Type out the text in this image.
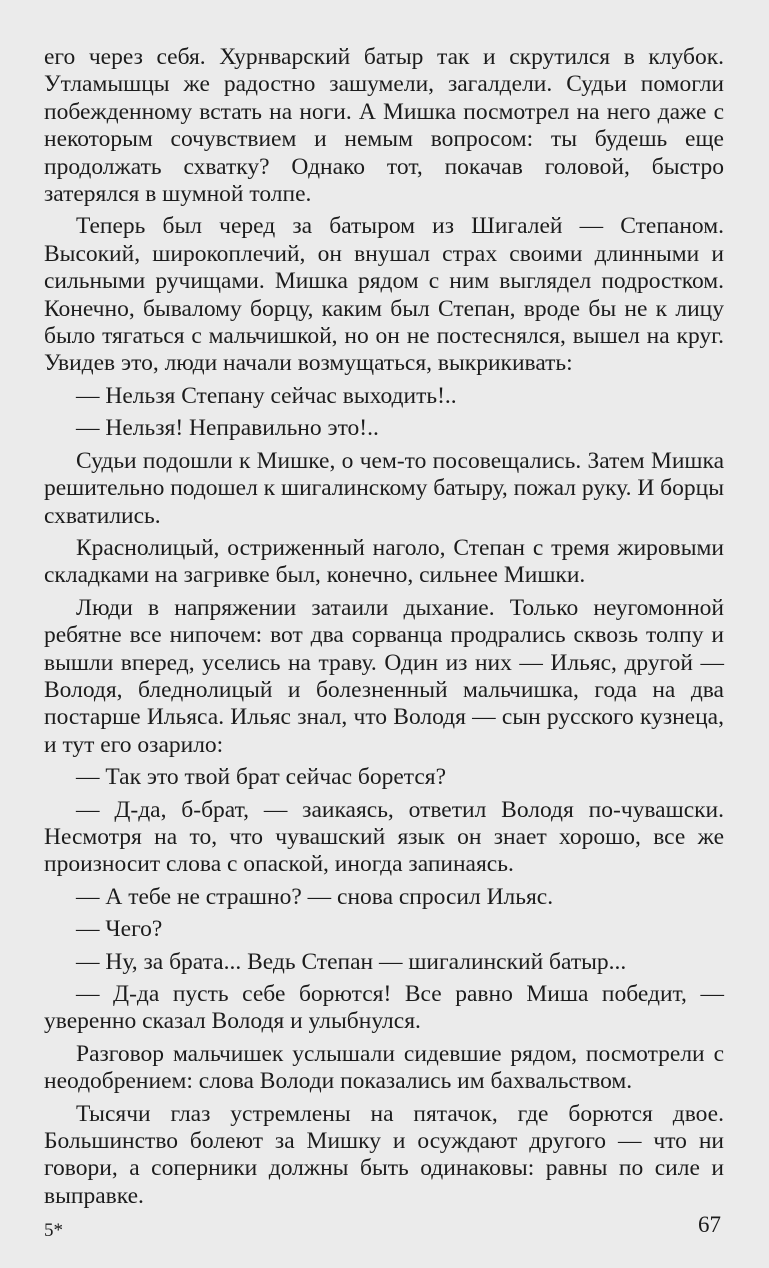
его через себя. Хурнварский батыр так и скрутился в клубок. Утламышцы же радостно зашумели, загалдели. Судьи помогли побежденному встать на ноги. А Мишка посмотрел на него даже с некоторым сочувствием и немым вопросом: ты будешь еще продолжать схватку? Однако тот, покачав головой, быстро затерялся в шумной толпе.

Теперь был черед за батыром из Шигалей — Степаном. Высокий, широкоплечий, он внушал страх своими длинными и сильными ручищами. Мишка рядом с ним выглядел подростком. Конечно, бывалому борцу, каким был Степан, вроде бы не к лицу было тягаться с мальчишкой, но он не постеснялся, вышел на круг. Увидев это, люди начали возмущаться, выкрикивать:

— Нельзя Степану сейчас выходить!..

— Нельзя! Неправильно это!..

Судьи подошли к Мишке, о чем-то посовещались. Затем Мишка решительно подошел к шигалинскому батыру, пожал руку. И борцы схватились.

Краснолицый, остриженный наголо, Степан с тремя жировыми складками на загривке был, конечно, сильнее Мишки.

Люди в напряжении затаили дыхание. Только неугомонной ребятне все нипочем: вот два сорванца продрались сквозь толпу и вышли вперед, уселись на траву. Один из них — Ильяс, другой — Володя, бледнолицый и болезненный мальчишка, года на два постарше Ильяса. Ильяс знал, что Володя — сын русского кузнеца, и тут его озарило:

— Так это твой брат сейчас борется?

— Д-да, б-брат, — заикаясь, ответил Володя по-чувашски. Несмотря на то, что чувашский язык он знает хорошо, все же произносит слова с опаской, иногда запинаясь.

— А тебе не страшно? — снова спросил Ильяс.

— Чего?

— Ну, за брата... Ведь Степан — шигалинский батыр...

— Д-да пусть себе борются! Все равно Миша победит, — уверенно сказал Володя и улыбнулся.

Разговор мальчишек услышали сидевшие рядом, посмотрели с неодобрением: слова Володи показались им бахвальством.

Тысячи глаз устремлены на пятачок, где борются двое. Большинство болеют за Мишку и осуждают другого — что ни говори, а соперники должны быть одинаковы: равны по силе и выправке.

5*	67
